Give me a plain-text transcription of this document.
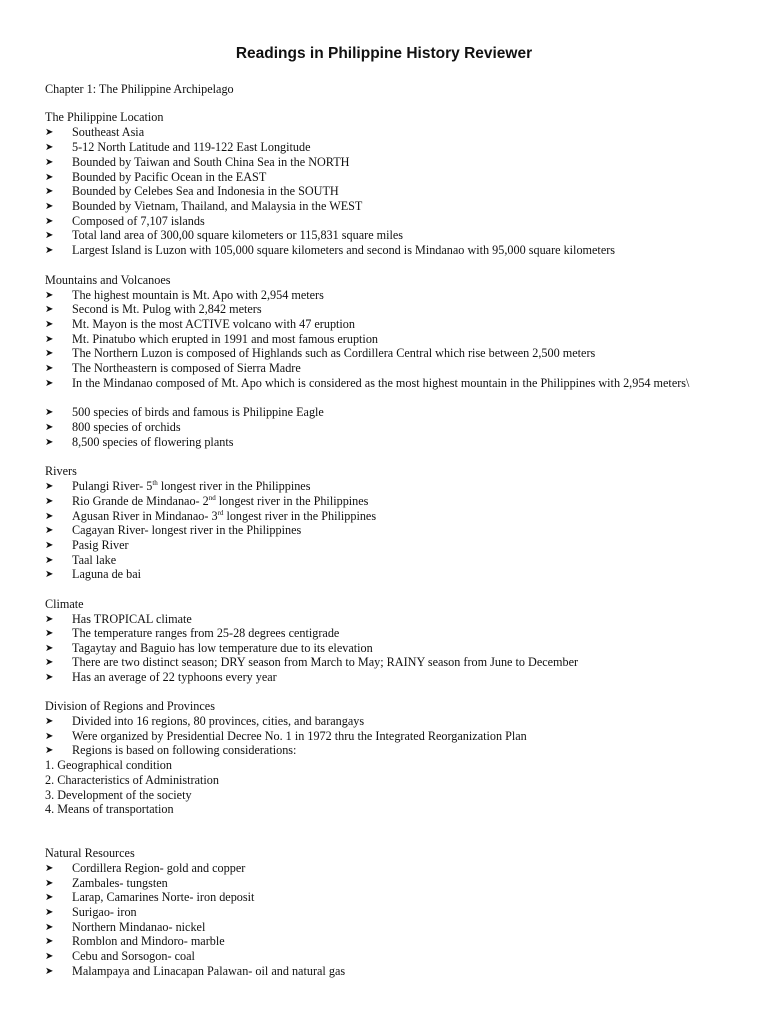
Readings in Philippine History Reviewer
Chapter 1: The Philippine Archipelago
The Philippine Location
➤	Southeast Asia
➤	5-12 North Latitude and 119-122 East Longitude
➤	Bounded by Taiwan and South China Sea in the NORTH
➤	Bounded by Pacific Ocean in the EAST
➤	Bounded by Celebes Sea and Indonesia in the SOUTH
➤	Bounded by Vietnam, Thailand, and Malaysia in the WEST
➤	Composed of 7,107 islands
➤	Total land area of 300,00 square kilometers or 115,831 square miles
➤	Largest Island is Luzon with 105,000 square kilometers and second is Mindanao with 95,000 square kilometers
Mountains and Volcanoes
➤	The highest mountain is Mt. Apo with 2,954 meters
➤	Second is Mt. Pulog with 2,842 meters
➤	Mt. Mayon is the most ACTIVE volcano with 47 eruption
➤	Mt. Pinatubo which erupted in 1991 and most famous eruption
➤	The Northern Luzon is composed of Highlands such as Cordillera Central which rise between 2,500 meters
➤	The Northeastern is composed of Sierra Madre
➤	In the Mindanao composed of Mt. Apo which is considered as the most highest mountain in the Philippines with 2,954 meters\
➤	500 species of birds and famous is Philippine Eagle
➤	800 species of orchids
➤	8,500 species of flowering plants
Rivers
➤	Pulangi River- 5th longest river in the Philippines
➤	Rio Grande de Mindanao- 2nd longest river in the Philippines
➤	Agusan River in Mindanao- 3rd longest river in the Philippines
➤	Cagayan River- longest river in the Philippines
➤	Pasig River
➤	Taal lake
➤	Laguna de bai
Climate
➤	Has TROPICAL climate
➤	The temperature ranges from 25-28 degrees centigrade
➤	Tagaytay and Baguio has low temperature due to its elevation
➤	There are two distinct season; DRY season from March to May; RAINY season from June to December
➤	Has an average of 22 typhoons every year
Division of Regions and Provinces
➤	Divided into 16 regions, 80 provinces, cities, and barangays
➤	Were organized by Presidential Decree No. 1 in 1972 thru the Integrated Reorganization Plan
➤	Regions is based on following considerations:
1. Geographical condition
2. Characteristics of Administration
3. Development of the society
4. Means of transportation
Natural Resources
➤	Cordillera Region- gold and copper
➤	Zambales- tungsten
➤	Larap, Camarines Norte- iron deposit
➤	Surigao- iron
➤	Northern Mindanao- nickel
➤	Romblon and Mindoro- marble
➤	Cebu and Sorsogon- coal
➤	Malampaya and Linacapan Palawan- oil and natural gas
